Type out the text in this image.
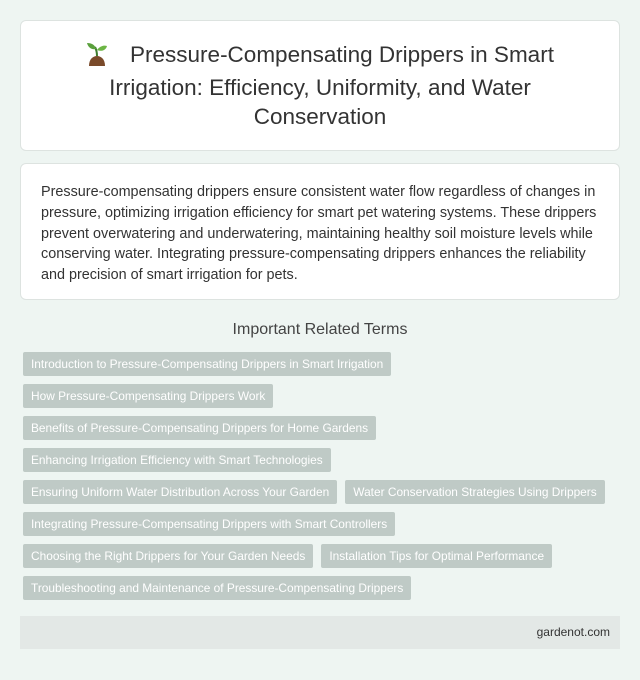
Pressure-Compensating Drippers in Smart Irrigation: Efficiency, Uniformity, and Water Conservation

Pressure-compensating drippers ensure consistent water flow regardless of changes in pressure, optimizing irrigation efficiency for smart pet watering systems. These drippers prevent overwatering and underwatering, maintaining healthy soil moisture levels while conserving water. Integrating pressure-compensating drippers enhances the reliability and precision of smart irrigation for pets.

Important Related Terms
Introduction to Pressure-Compensating Drippers in Smart Irrigation
How Pressure-Compensating Drippers Work
Benefits of Pressure-Compensating Drippers for Home Gardens
Enhancing Irrigation Efficiency with Smart Technologies
Ensuring Uniform Water Distribution Across Your Garden	Water Conservation Strategies Using Drippers
Integrating Pressure-Compensating Drippers with Smart Controllers
Choosing the Right Drippers for Your Garden Needs	Installation Tips for Optimal Performance
Troubleshooting and Maintenance of Pressure-Compensating Drippers
gardenot.com
